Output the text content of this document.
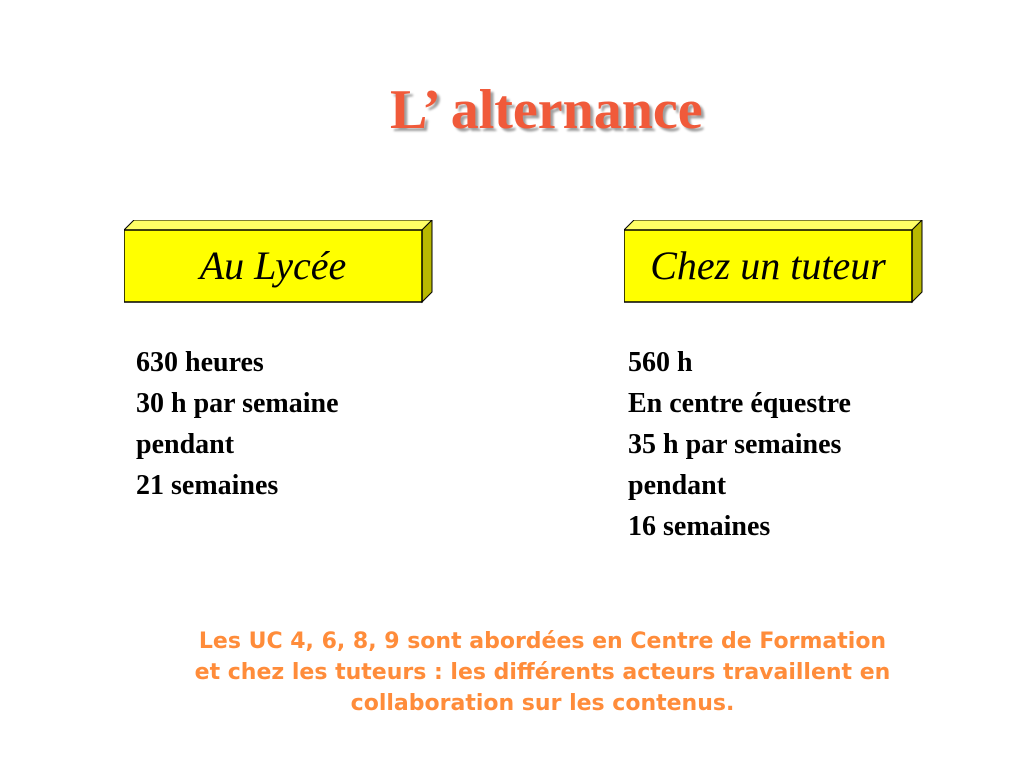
L’ alternance
Au Lycée	Chez un tuteur
630 heures
30 h par semaine
pendant
21 semaines
560 h
En centre équestre
35 h par semaines
pendant
16 semaines
Les UC 4, 6, 8, 9 sont abordées en Centre de Formation
et chez les tuteurs : les différents acteurs travaillent en
collaboration sur les contenus.
